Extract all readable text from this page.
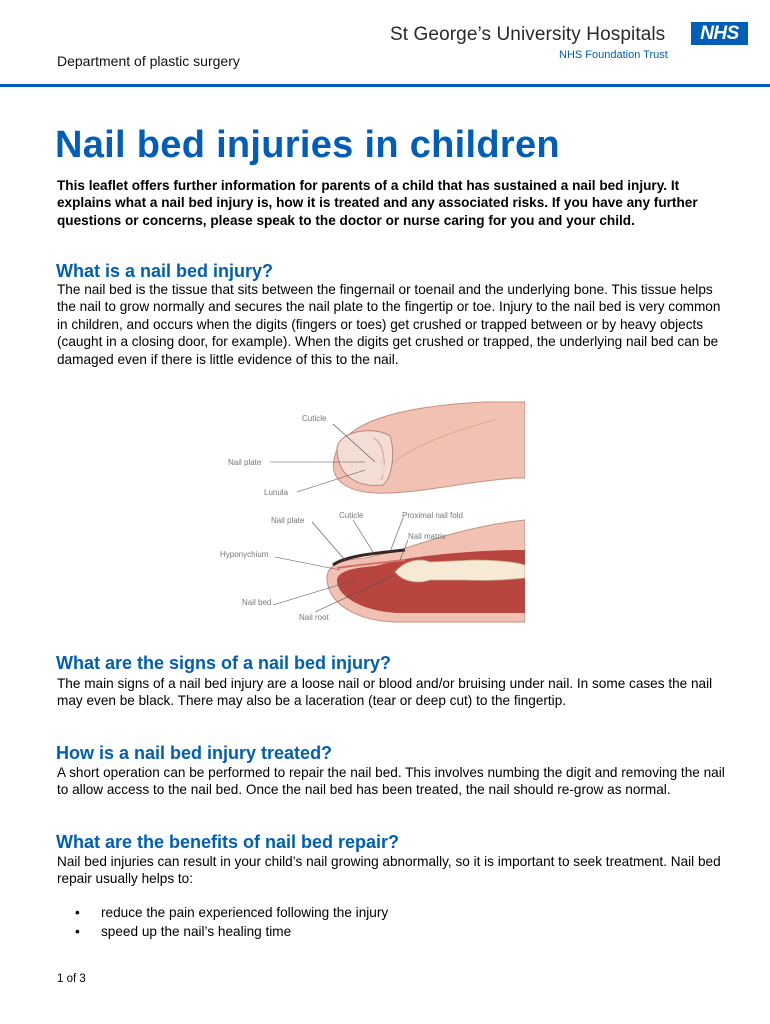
Department of plastic surgery
St George’s University Hospitals
NHS Foundation Trust
NHS
Nail bed injuries in children

This leaflet offers further information for parents of a child that has sustained a nail bed injury. It explains what a nail bed injury is, how it is treated and any associated risks. If you have any further questions or concerns, please speak to the doctor or nurse caring for you and your child.

What is a nail bed injury?

The nail bed is the tissue that sits between the fingernail or toenail and the underlying bone. This tissue helps the nail to grow normally and secures the nail plate to the fingertip or toe. Injury to the nail bed is very common in children, and occurs when the digits (fingers or toes) get crushed or trapped between or by heavy objects (caught in a closing door, for example). When the digits get crushed or trapped, the underlying nail bed can be damaged even if there is little evidence of this to the nail.

Cuticle
Nail plate
Lunula
Nail plate
Cuticle	Proximal nail fold
Nail matrix
Hyponychium
Nail bed
Nail root
What are the signs of a nail bed injury?

The main signs of a nail bed injury are a loose nail or blood and/or bruising under nail. In some cases the nail may even be black. There may also be a laceration (tear or deep cut) to the fingertip.

How is a nail bed injury treated?

A short operation can be performed to repair the nail bed. This involves numbing the digit and removing the nail to allow access to the nail bed. Once the nail bed has been treated, the nail should re-grow as normal.

What are the benefits of nail bed repair?

Nail bed injuries can result in your child’s nail growing abnormally, so it is important to seek treatment. Nail bed repair usually helps to:

• reduce the pain experienced following the injury
• speed up the nail’s healing time
1 of 3
